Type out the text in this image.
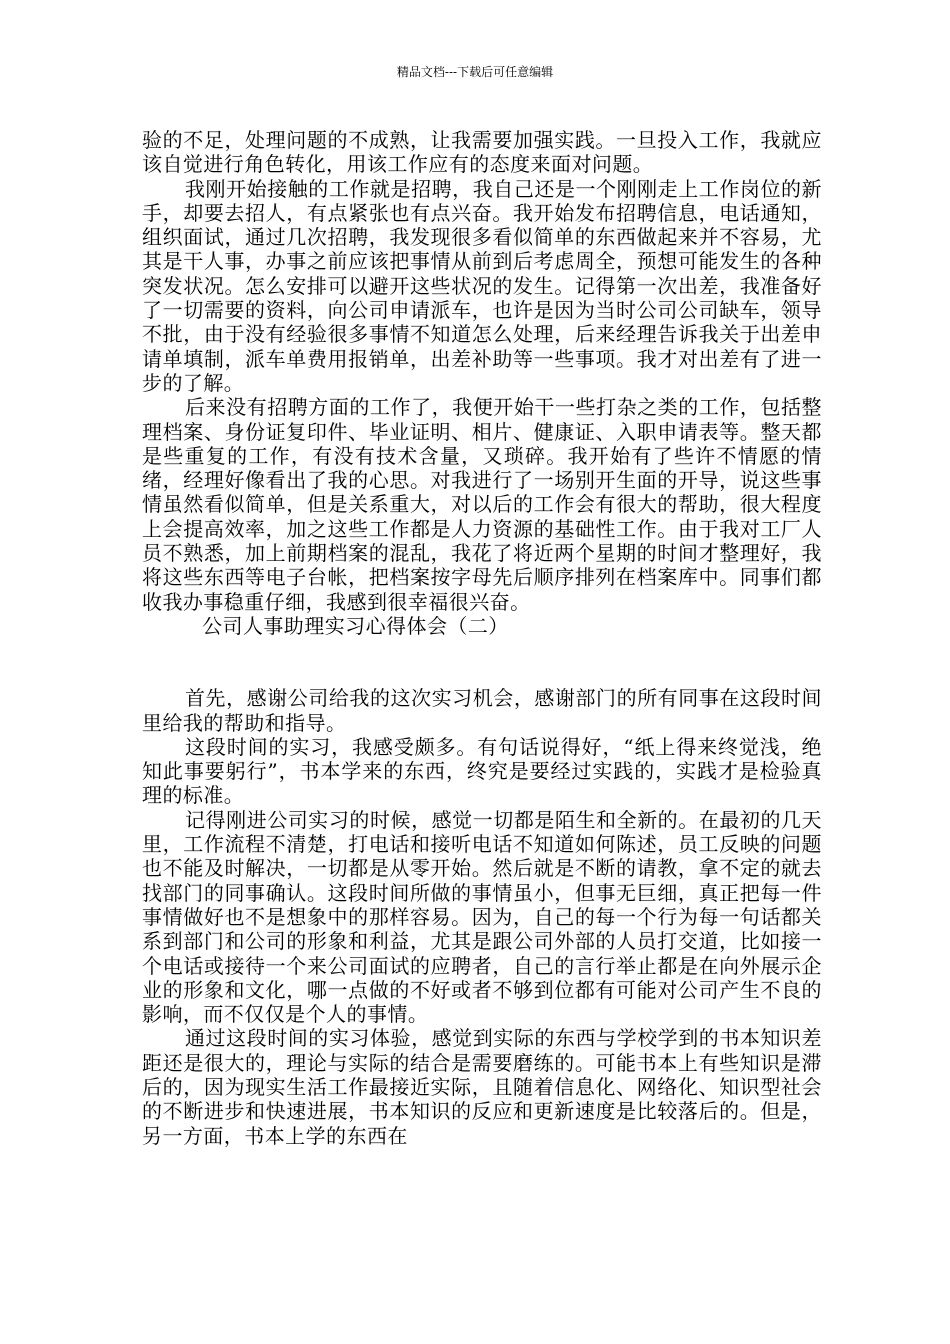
精品文档---下载后可任意编辑

验的不足，处理问题的不成熟，让我需要加强实践。一旦投入工作，我就应该自觉进行角色转化，用该工作应有的态度来面对问题。

我刚开始接触的工作就是招聘，我自己还是一个刚刚走上工作岗位的新手，却要去招人，有点紧张也有点兴奋。我开始发布招聘信息，电话通知，组织面试，通过几次招聘，我发现很多看似简单的东西做起来并不容易，尤其是干人事，办事之前应该把事情从前到后考虑周全，预想可能发生的各种突发状况。怎么安排可以避开这些状况的发生。记得第一次出差，我准备好了一切需要的资料，向公司申请派车，也许是因为当时公司公司缺车，领导不批，由于没有经验很多事情不知道怎么处理，后来经理告诉我关于出差申请单填制，派车单费用报销单，出差补助等一些事项。我才对出差有了进一步的了解。

后来没有招聘方面的工作了，我便开始干一些打杂之类的工作，包括整理档案、身份证复印件、毕业证明、相片、健康证、入职申请表等。整天都是些重复的工作，有没有技术含量，又琐碎。我开始有了些许不情愿的情绪，经理好像看出了我的心思。对我进行了一场别开生面的开导，说这些事情虽然看似简单，但是关系重大，对以后的工作会有很大的帮助，很大程度上会提高效率，加之这些工作都是人力资源的基础性工作。由于我对工厂人员不熟悉，加上前期档案的混乱，我花了将近两个星期的时间才整理好，我将这些东西等电子台帐，把档案按字母先后顺序排列在档案库中。同事们都收我办事稳重仔细，我感到很幸福很兴奋。

公司人事助理实习心得体会（二）

首先，感谢公司给我的这次实习机会，感谢部门的所有同事在这段时间里给我的帮助和指导。

这段时间的实习，我感受颇多。有句话说得好，“纸上得来终觉浅，绝知此事要躬行”，书本学来的东西，终究是要经过实践的，实践才是检验真理的标准。

记得刚进公司实习的时候，感觉一切都是陌生和全新的。在最初的几天里，工作流程不清楚，打电话和接听电话不知道如何陈述，员工反映的问题也不能及时解决，一切都是从零开始。然后就是不断的请教，拿不定的就去找部门的同事确认。这段时间所做的事情虽小，但事无巨细，真正把每一件事情做好也不是想象中的那样容易。因为，自己的每一个行为每一句话都关系到部门和公司的形象和利益，尤其是跟公司外部的人员打交道，比如接一个电话或接待一个来公司面试的应聘者，自己的言行举止都是在向外展示企业的形象和文化，哪一点做的不好或者不够到位都有可能对公司产生不良的影响，而不仅仅是个人的事情。

通过这段时间的实习体验，感觉到实际的东西与学校学到的书本知识差距还是很大的，理论与实际的结合是需要磨练的。可能书本上有些知识是滞后的，因为现实生活工作最接近实际，且随着信息化、网络化、知识型社会的不断进步和快速进展，书本知识的反应和更新速度是比较落后的。但是，另一方面，书本上学的东西在
